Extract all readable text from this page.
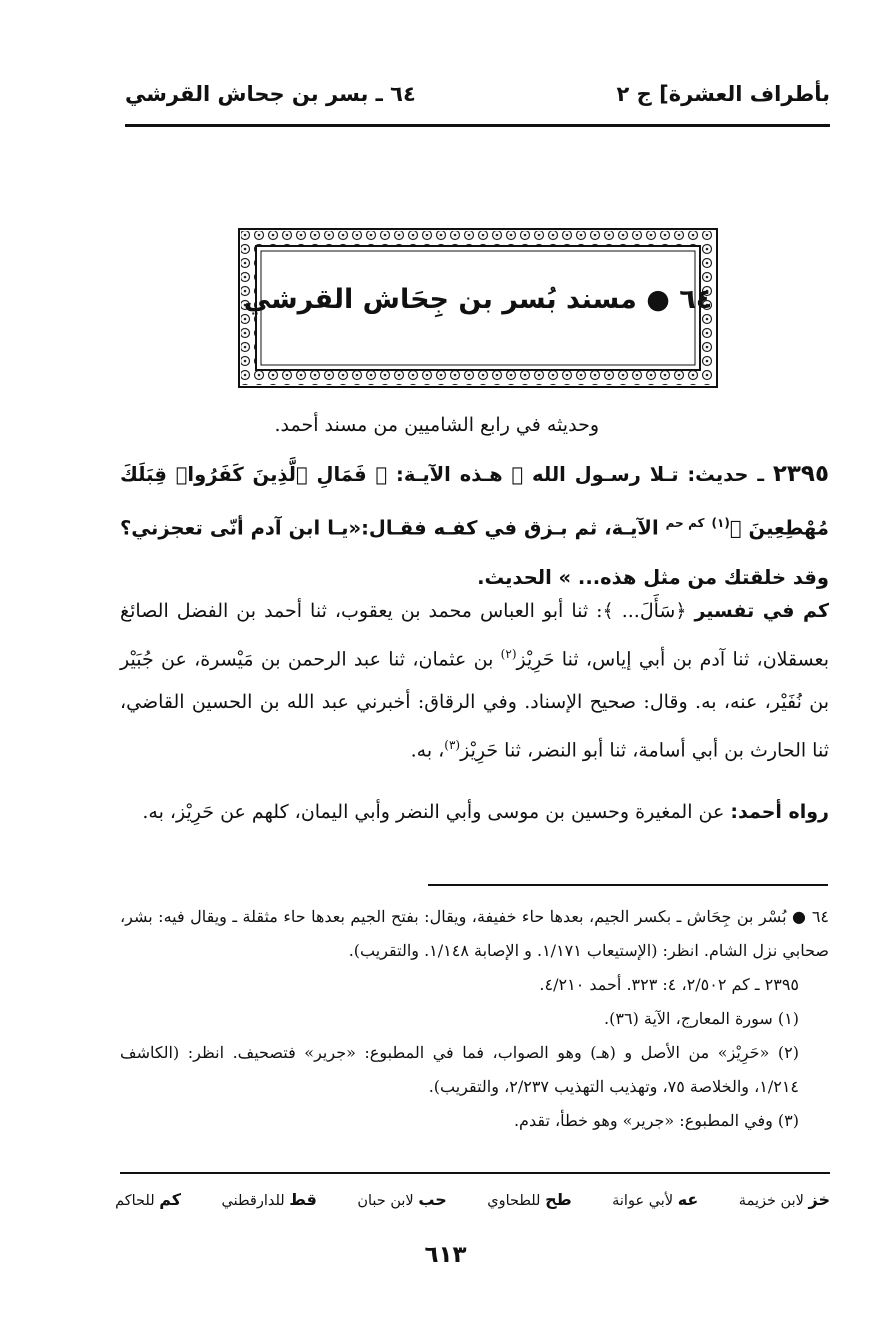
بأطراف العشرة] ج ٢
٦٤ ـ بسر بن جحاش القرشي
٦٤ ● مسند بُسر بن جِحَاش القرشي
وحديثه في رابع الشاميين من مسند أحمد.
٢٣٩٥ ـ حديث: تـلا رسـول الله ﷺ هـذه الآيـة: ﴿ فَمَالِ ٱلَّذِينَ كَفَرُوا۟ قِبَلَكَ مُهْطِعِينَ ﴾$^{(١)}$ $^{كم حم}$ الآيـة، ثم بـزق في كفـه فقـال:«يـا ابن آدم أنّى تعجزني؟ وقد خلقتك من مثل هذه... » الحديث.
كم في تفسير ﴿سَأَلَ... ﴾: ثنا أبو العباس محمد بن يعقوب، ثنا أحمد بن الفضل الصائغ بعسقلان، ثنا آدم بن أبي إياس، ثنا حَرِيْز$^{(٢)}$ بن عثمان، ثنا عبد الرحمن بن مَيْسرة، عن جُبَيْر بن نُفَيْر، عنه، به. وقال: صحيح الإسناد. وفي الرقاق: أخبرني عبد الله بن الحسين القاضي، ثنا الحارث بن أبي أسامة، ثنا أبو النضر، ثنا حَرِيْز$^{(٣)}$، به.
رواه أحمد: عن المغيرة وحسين بن موسى وأبي النضر وأبي اليمان، كلهم عن حَرِيْز، به.

٦٤ ● بُسْر بن جِحَاش ـ بكسر الجيم، بعدها حاء خفيفة، ويقال: بفتح الجيم بعدها حاء مثقلة ـ ويقال فيه: بشر، صحابي نزل الشام. انظر: (الإستيعاب ١/١٧١. و الإصابة ١/١٤٨. والتقريب).

٢٣٩٥ ـ كم ٢/٥٠٢، ٤: ٣٢٣. أحمد ٤/٢١٠.

(١) سورة المعارج، الآية (٣٦).

(٢) «حَرِيْز» من الأصل و (هـ) وهو الصواب، فما في المطبوع: «جرير» فتصحيف. انظر: (الكاشف ١/٢١٤، والخلاصة ٧٥، وتهذيب التهذيب ٢/٢٣٧، والتقريب).

(٣) وفي المطبوع: «جرير» وهو خطأ، تقدم.

خز لابن خزيمة
عه لأبي عوانة
طح للطحاوي
حب لابن حبان
قط للدارقطني
كم للحاكم
٦١٣
